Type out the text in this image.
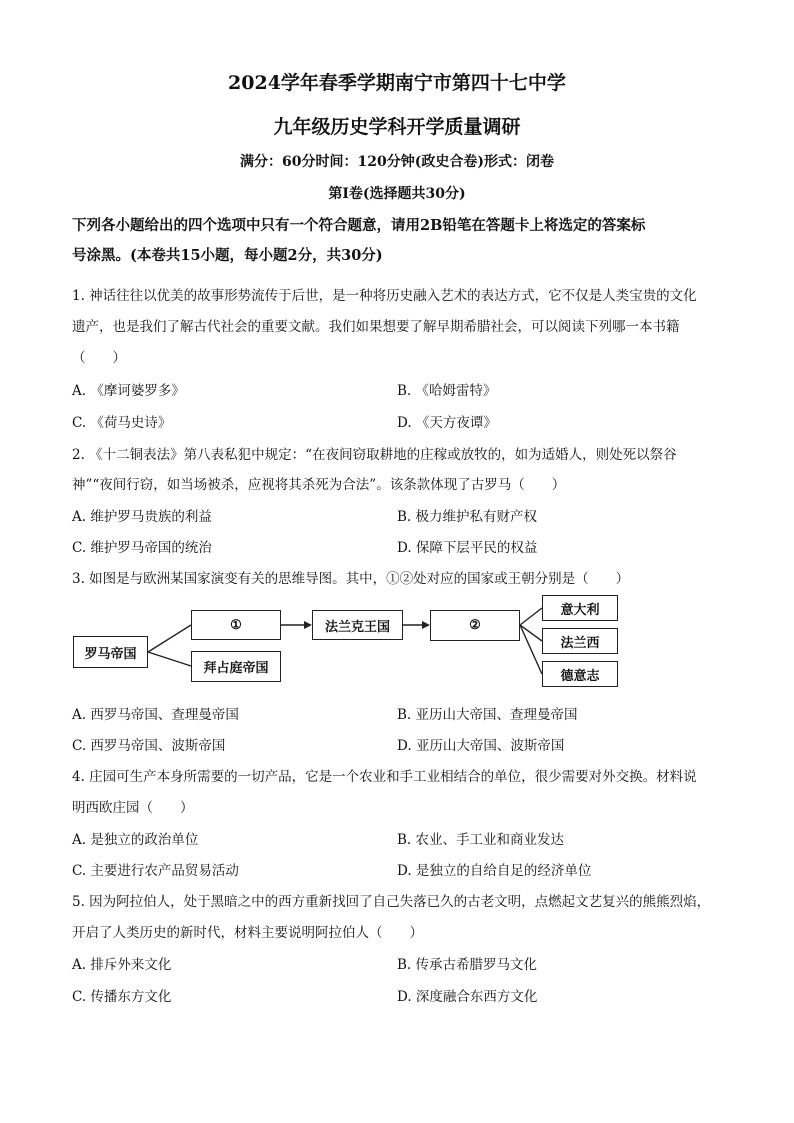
2024学年春季学期南宁市第四十七中学
九年级历史学科开学质量调研
满分：60分时间：120分钟(政史合卷)形式：闭卷
第Ⅰ卷(选择题共30分)
下列各小题给出的四个选项中只有一个符合题意，请用2B铅笔在答题卡上将选定的答案标
号涂黑。(本卷共15小题，每小题2分，共30分)
1. 神话往往以优美的故事形势流传于后世，是一种将历史融入艺术的表达方式，它不仅是人类宝贵的文化
遗产，也是我们了解古代社会的重要文献。我们如果想要了解早期希腊社会，可以阅读下列哪一本书籍
（　　）
A. 《摩诃婆罗多》	B. 《哈姆雷特》
C. 《荷马史诗》	D. 《天方夜谭》
2. 《十二铜表法》第八表私犯中规定：“在夜间窃取耕地的庄稼或放牧的，如为适婚人，则处死以祭谷
神”“夜间行窃，如当场被杀，应视将其杀死为合法”。该条款体现了古罗马（　　）
A. 维护罗马贵族的利益	B. 极力维护私有财产权
C. 维护罗马帝国的统治	D. 保障下层平民的权益
3. 如图是与欧洲某国家演变有关的思维导图。其中，①②处对应的国家或王朝分别是（　　）
罗马帝国
①
拜占庭帝国
法兰克王国	②
意大利
法兰西
德意志
A. 西罗马帝国、查理曼帝国	B. 亚历山大帝国、查理曼帝国
C. 西罗马帝国、波斯帝国	D. 亚历山大帝国、波斯帝国
4. 庄园可生产本身所需要的一切产品，它是一个农业和手工业相结合的单位，很少需要对外交换。材料说
明西欧庄园（　　）
A. 是独立的政治单位	B. 农业、手工业和商业发达
C. 主要进行农产品贸易活动	D. 是独立的自给自足的经济单位
5. 因为阿拉伯人，处于黑暗之中的西方重新找回了自己失落已久的古老文明，点燃起文艺复兴的熊熊烈焰，
开启了人类历史的新时代，材料主要说明阿拉伯人（　　）
A. 排斥外来文化	B. 传承古希腊罗马文化
C. 传播东方文化	D. 深度融合东西方文化
